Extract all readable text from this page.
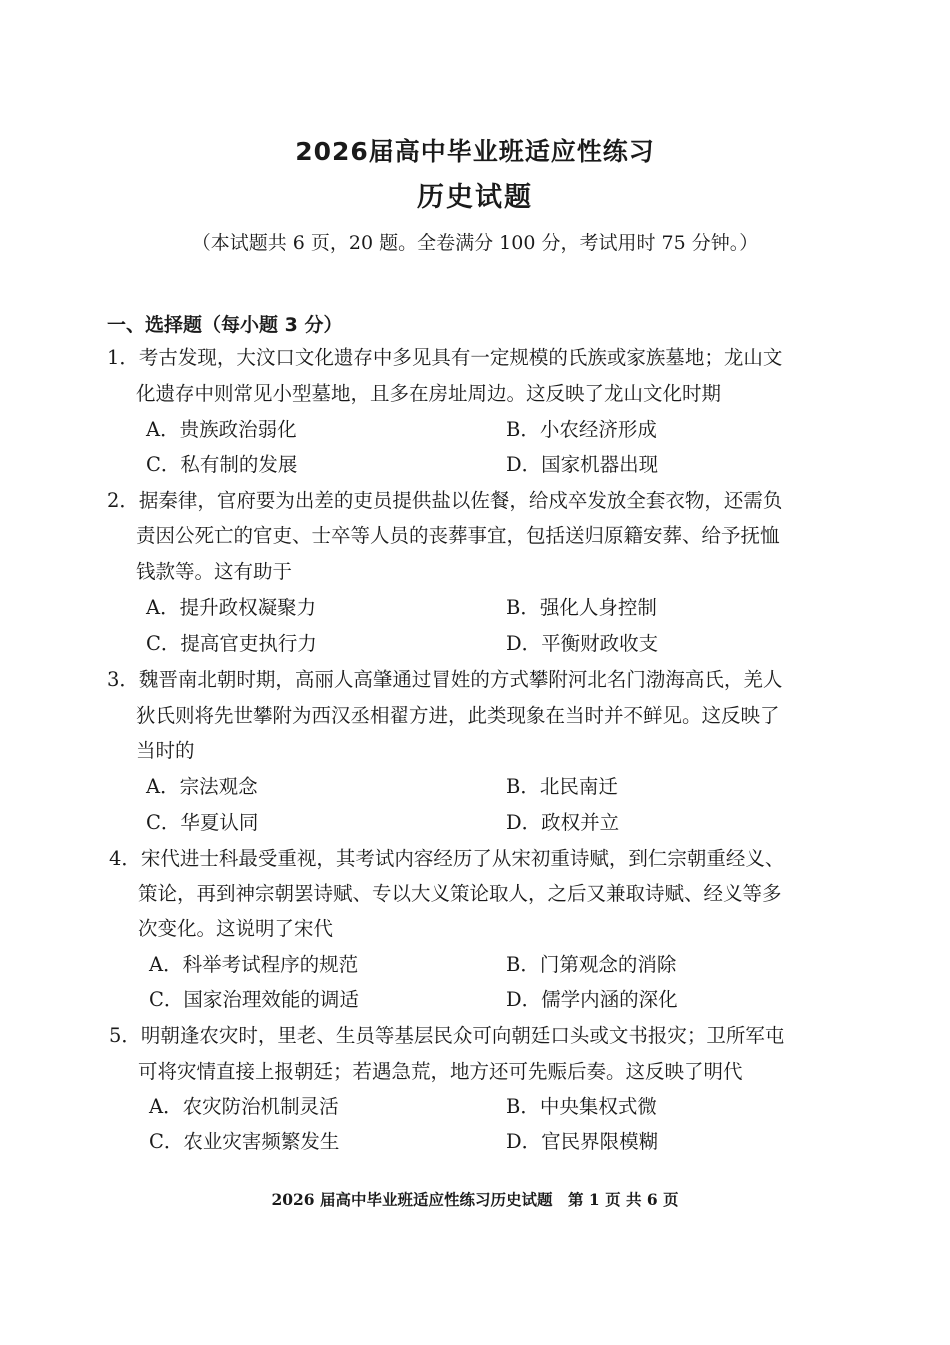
2026届高中毕业班适应性练习
历史试题
（本试题共 6 页，20 题。全卷满分 100 分，考试用时 75 分钟。）
一、选择题（每小题 3 分）
1．考古发现，大汶口文化遗存中多见具有一定规模的氏族或家族墓地；龙山文
化遗存中则常见小型墓地，且多在房址周边。这反映了龙山文化时期
A．贵族政治弱化	B．小农经济形成
C．私有制的发展	D．国家机器出现
2．据秦律，官府要为出差的吏员提供盐以佐餐，给戍卒发放全套衣物，还需负
责因公死亡的官吏、士卒等人员的丧葬事宜，包括送归原籍安葬、给予抚恤
钱款等。这有助于
A．提升政权凝聚力	B．强化人身控制
C．提高官吏执行力	D．平衡财政收支
3．魏晋南北朝时期，高丽人高肇通过冒姓的方式攀附河北名门渤海高氏，羌人
狄氏则将先世攀附为西汉丞相翟方进，此类现象在当时并不鲜见。这反映了
当时的
A．宗法观念	B．北民南迁
C．华夏认同	D．政权并立
4．宋代进士科最受重视，其考试内容经历了从宋初重诗赋，到仁宗朝重经义、
策论，再到神宗朝罢诗赋、专以大义策论取人，之后又兼取诗赋、经义等多
次变化。这说明了宋代
A．科举考试程序的规范	B．门第观念的消除
C．国家治理效能的调适	D．儒学内涵的深化
5．明朝逢农灾时，里老、生员等基层民众可向朝廷口头或文书报灾；卫所军屯
可将灾情直接上报朝廷；若遇急荒，地方还可先赈后奏。这反映了明代
A．农灾防治机制灵活	B．中央集权式微
C．农业灾害频繁发生	D．官民界限模糊
2026 届高中毕业班适应性练习历史试题　第 1 页 共 6 页
